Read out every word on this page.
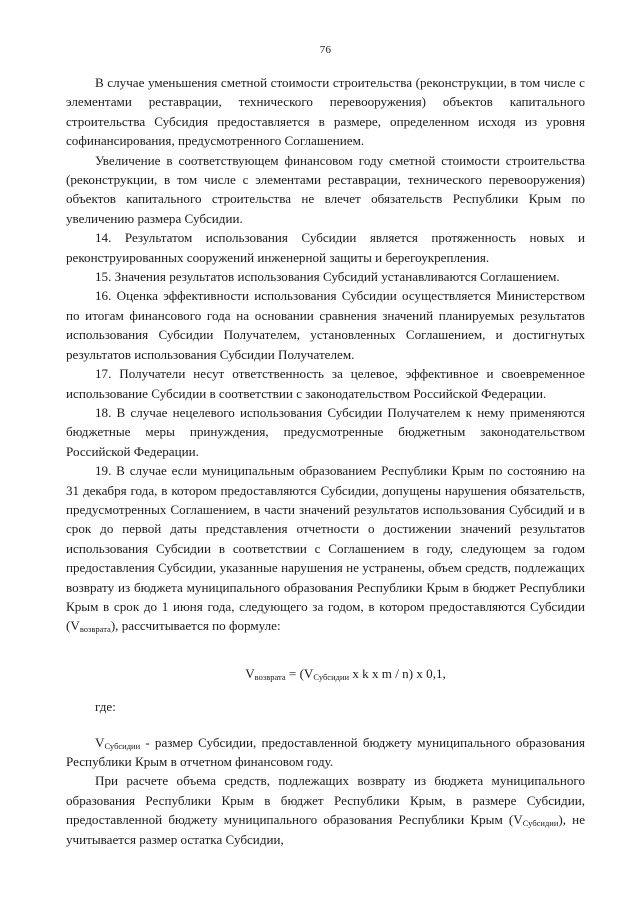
76

В случае уменьшения сметной стоимости строительства (реконструкции, в том числе с элементами реставрации, технического перевооружения) объектов капитального строительства Субсидия предоставляется в размере, определенном исходя из уровня софинансирования, предусмотренного Соглашением.

Увеличение в соответствующем финансовом году сметной стоимости строительства (реконструкции, в том числе с элементами реставрации, технического перевооружения) объектов капитального строительства не влечет обязательств Республики Крым по увеличению размера Субсидии.

14. Результатом использования Субсидии является протяженность новых и реконструированных сооружений инженерной защиты и берегоукрепления.

15. Значения результатов использования Субсидий устанавливаются Соглашением.

16. Оценка эффективности использования Субсидии осуществляется Министерством по итогам финансового года на основании сравнения значений планируемых результатов использования Субсидии Получателем, установленных Соглашением, и достигнутых результатов использования Субсидии Получателем.

17. Получатели несут ответственность за целевое, эффективное и своевременное использование Субсидии в соответствии с законодательством Российской Федерации.

18. В случае нецелевого использования Субсидии Получателем к нему применяются бюджетные меры принуждения, предусмотренные бюджетным законодательством Российской Федерации.

19. В случае если муниципальным образованием Республики Крым по состоянию на 31 декабря года, в котором предоставляются Субсидии, допущены нарушения обязательств, предусмотренных Соглашением, в части значений результатов использования Субсидий и в срок до первой даты представления отчетности о достижении значений результатов использования Субсидии в соответствии с Соглашением в году, следующем за годом предоставления Субсидии, указанные нарушения не устранены, объем средств, подлежащих возврату из бюджета муниципального образования Республики Крым в бюджет Республики Крым в срок до 1 июня года, следующего за годом, в котором предоставляются Субсидии $(V_{возврата})$, рассчитывается по формуле:

$V_{возврата} = (V_{Субсидии}$ x k x m / n) x 0,1,

где:

$V_{Субсидии}$ - размер Субсидии, предоставленной бюджету муниципального образования Республики Крым в отчетном финансовом году.

При расчете объема средств, подлежащих возврату из бюджета муниципального образования Республики Крым в бюджет Республики Крым, в размере Субсидии, предоставленной бюджету муниципального образования Республики Крым $(V_{Субсидии})$, не учитывается размер остатка Субсидии,
